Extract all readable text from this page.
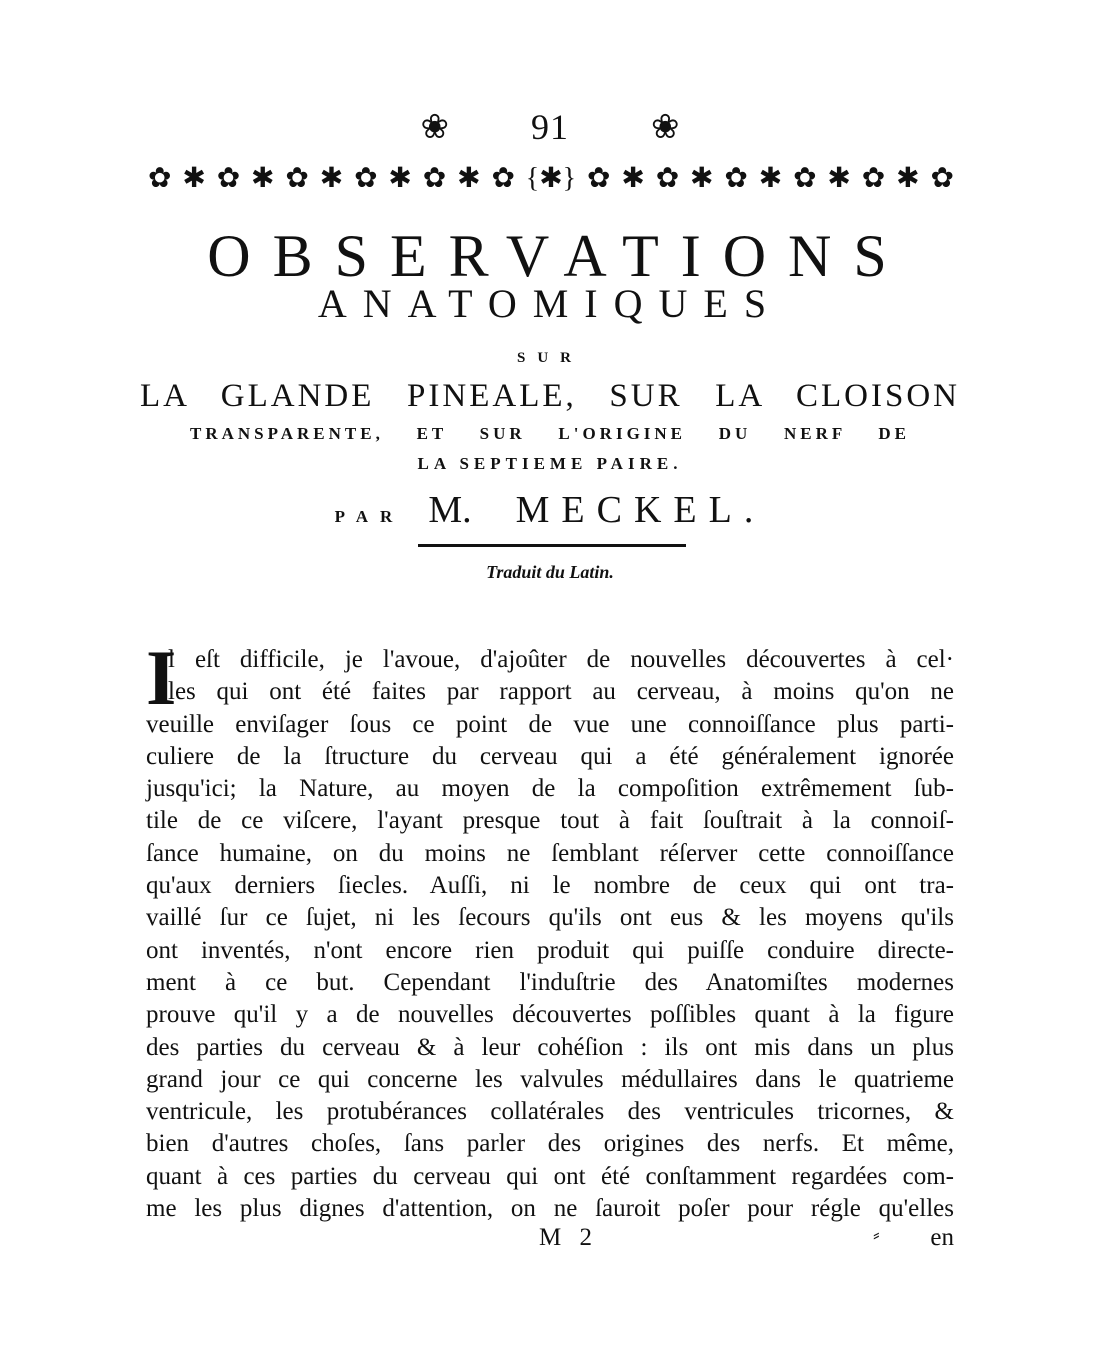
❀ 91 ❀
✿ ✱ ✿ ✱ ✿ ✱ ✿ ✱ ✿ ✱ ✿ {✱} ✿ ✱ ✿ ✱ ✿ ✱ ✿ ✱ ✿ ✱ ✿
OBSERVATIONS
ANATOMIQUES
SUR
LA GLANDE PINEALE, SUR LA CLOISON
TRANSPARENTE, ET SUR L'ORIGINE DU NERF DE
LA SEPTIEME PAIRE.
PAR M. MECKEL.
Traduit du Latin.
I
l eſt difficile, je l'avoue, d'ajoûter de nouvelles découvertes à cel·
les qui ont été faites par rapport au cerveau, à moins qu'on ne
veuille enviſager ſous ce point de vue une connoiſſance plus parti-
culiere de la ſtructure du cerveau qui a été généralement ignorée
jusqu'ici; la Nature, au moyen de la compoſition extrêmement ſub-
tile de ce viſcere, l'ayant presque tout à fait ſouſtrait à la connoiſ-
ſance humaine, on du moins ne ſemblant réſerver cette connoiſſance
qu'aux derniers ſiecles. Auſſi, ni le nombre de ceux qui ont tra-
vaillé ſur ce ſujet, ni les ſecours qu'ils ont eus & les moyens qu'ils
ont inventés, n'ont encore rien produit qui puiſſe conduire directe-
ment à ce but. Cependant l'induſtrie des Anatomiſtes modernes
prouve qu'il y a de nouvelles découvertes poſſibles quant à la figure
des parties du cerveau & à leur cohéſion : ils ont mis dans un plus
grand jour ce qui concerne les valvules médullaires dans le quatrieme
ventricule, les protubérances collatérales des ventricules tricornes, &
bien d'autres choſes, ſans parler des origines des nerfs. Et même,
quant à ces parties du cerveau qui ont été conſtamment regardées com-
me les plus dignes d'attention, on ne ſauroit poſer pour régle qu'elles
M 2	⸗ en
